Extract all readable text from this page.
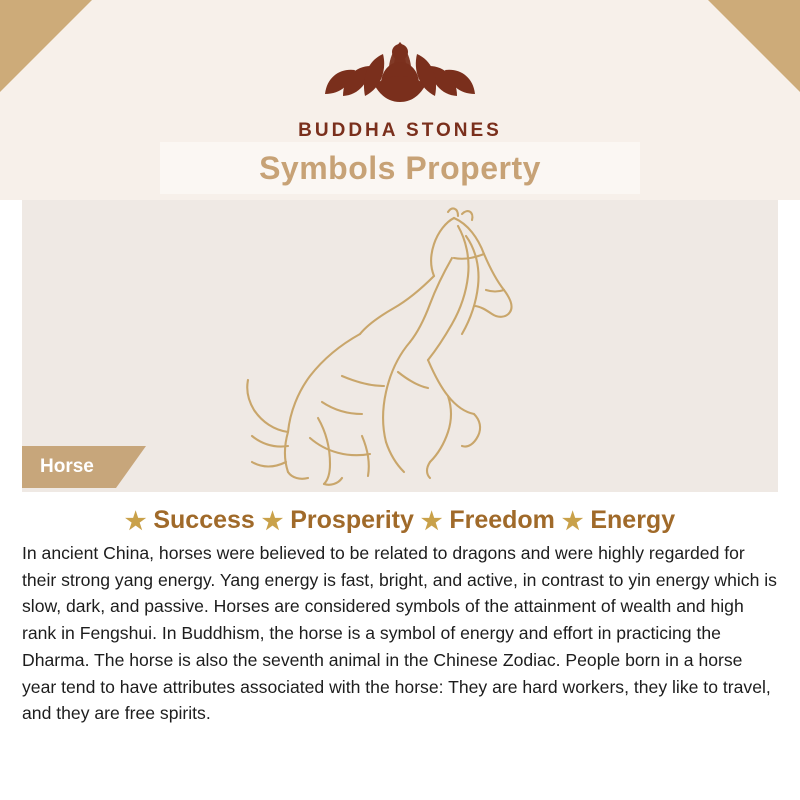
BUDDHA STONES
Symbols Property
Horse
★ Success ★ Prosperity ★ Freedom ★ Energy

In ancient China, horses were believed to be related to dragons and were highly regarded for their strong yang energy. Yang energy is fast, bright, and active, in contrast to yin energy which is slow, dark, and passive. Horses are considered symbols of the attainment of wealth and high rank in Fengshui. In Buddhism, the horse is a symbol of energy and effort in practicing the Dharma. The horse is also the seventh animal in the Chinese Zodiac. People born in a horse year tend to have attributes associated with the horse: They are hard workers, they like to travel, and they are free spirits.
